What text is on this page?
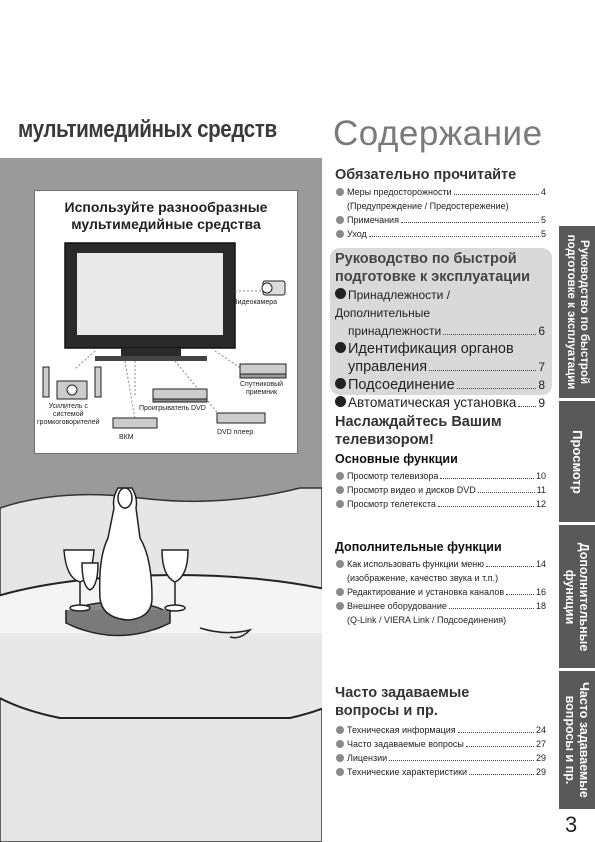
мультимедийных средств
Используйте разнообразные
мультимедийные средства
Видеокамера
Спутниковый
приемник
Усилитель с
системой
громкоговорителей
Проигрыватель DVD
ВКМ
DVD плеер
Содержание
Обязательно прочитайте
Меры предосторожности	4
(Предупреждение / Предостережение)
Примечания	5
Уход	5
Руководство по быстрой
подготовке к эксплуатации
Принадлежности / Дополнительные
принадлежности	6
Идентификация органов
управления	7
Подсоединение	8
Автоматическая установка 9
Наслаждайтесь Вашим
телевизором!
Основные функции
Просмотр телевизора	10
Просмотр видео и дисков DVD	11
Просмотр телетекста	12
Дополнительные функции
Как использовать функции меню	14
(изображение, качество звука и т.п.)
Редактирование и установка каналов	16
Внешнее оборудование	18
(Q-Link / VIERA Link / Подсоединения)
Часто задаваемые
вопросы и пр.
Техническая информация	24
Часто задаваемые вопросы	27
Лицензии	29
Технические характеристики	29
Руководство по быстрой
подготовке к эксплуатации
Просмотр
Дополнительные
функции
Часто задаваемые
вопросы и пр.
3
